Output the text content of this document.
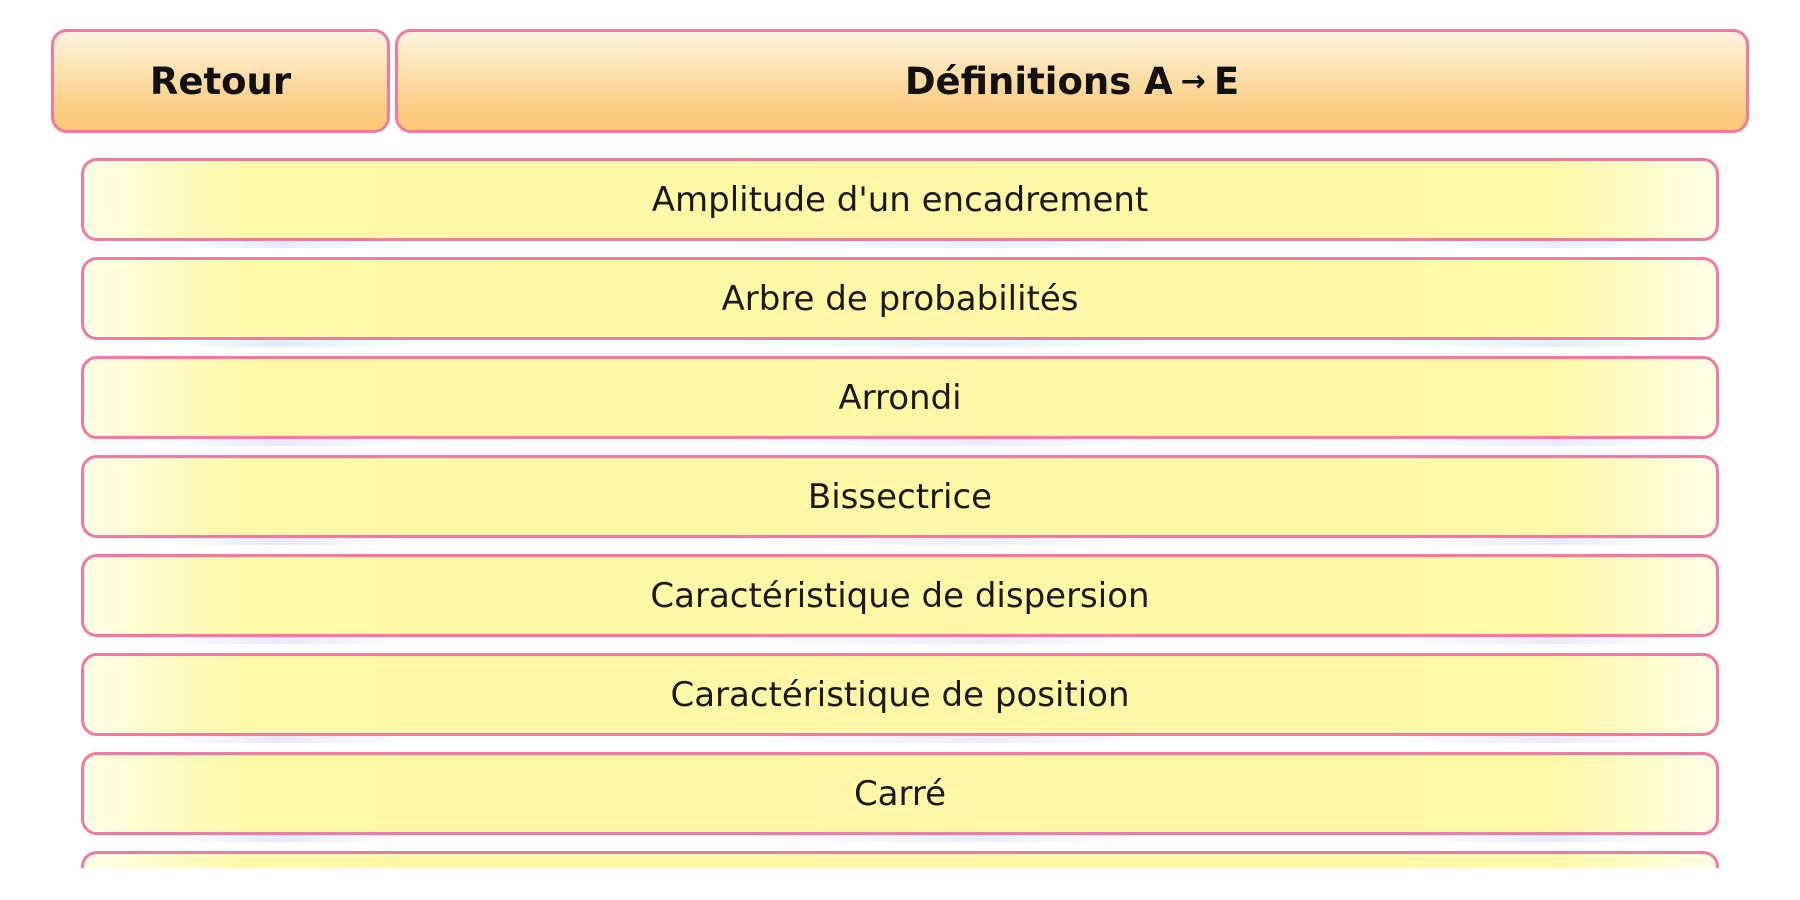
Retour	Définitions A → E
Amplitude d'un encadrement
Arbre de probabilités
Arrondi
Bissectrice
Caractéristique de dispersion
Caractéristique de position
Carré
